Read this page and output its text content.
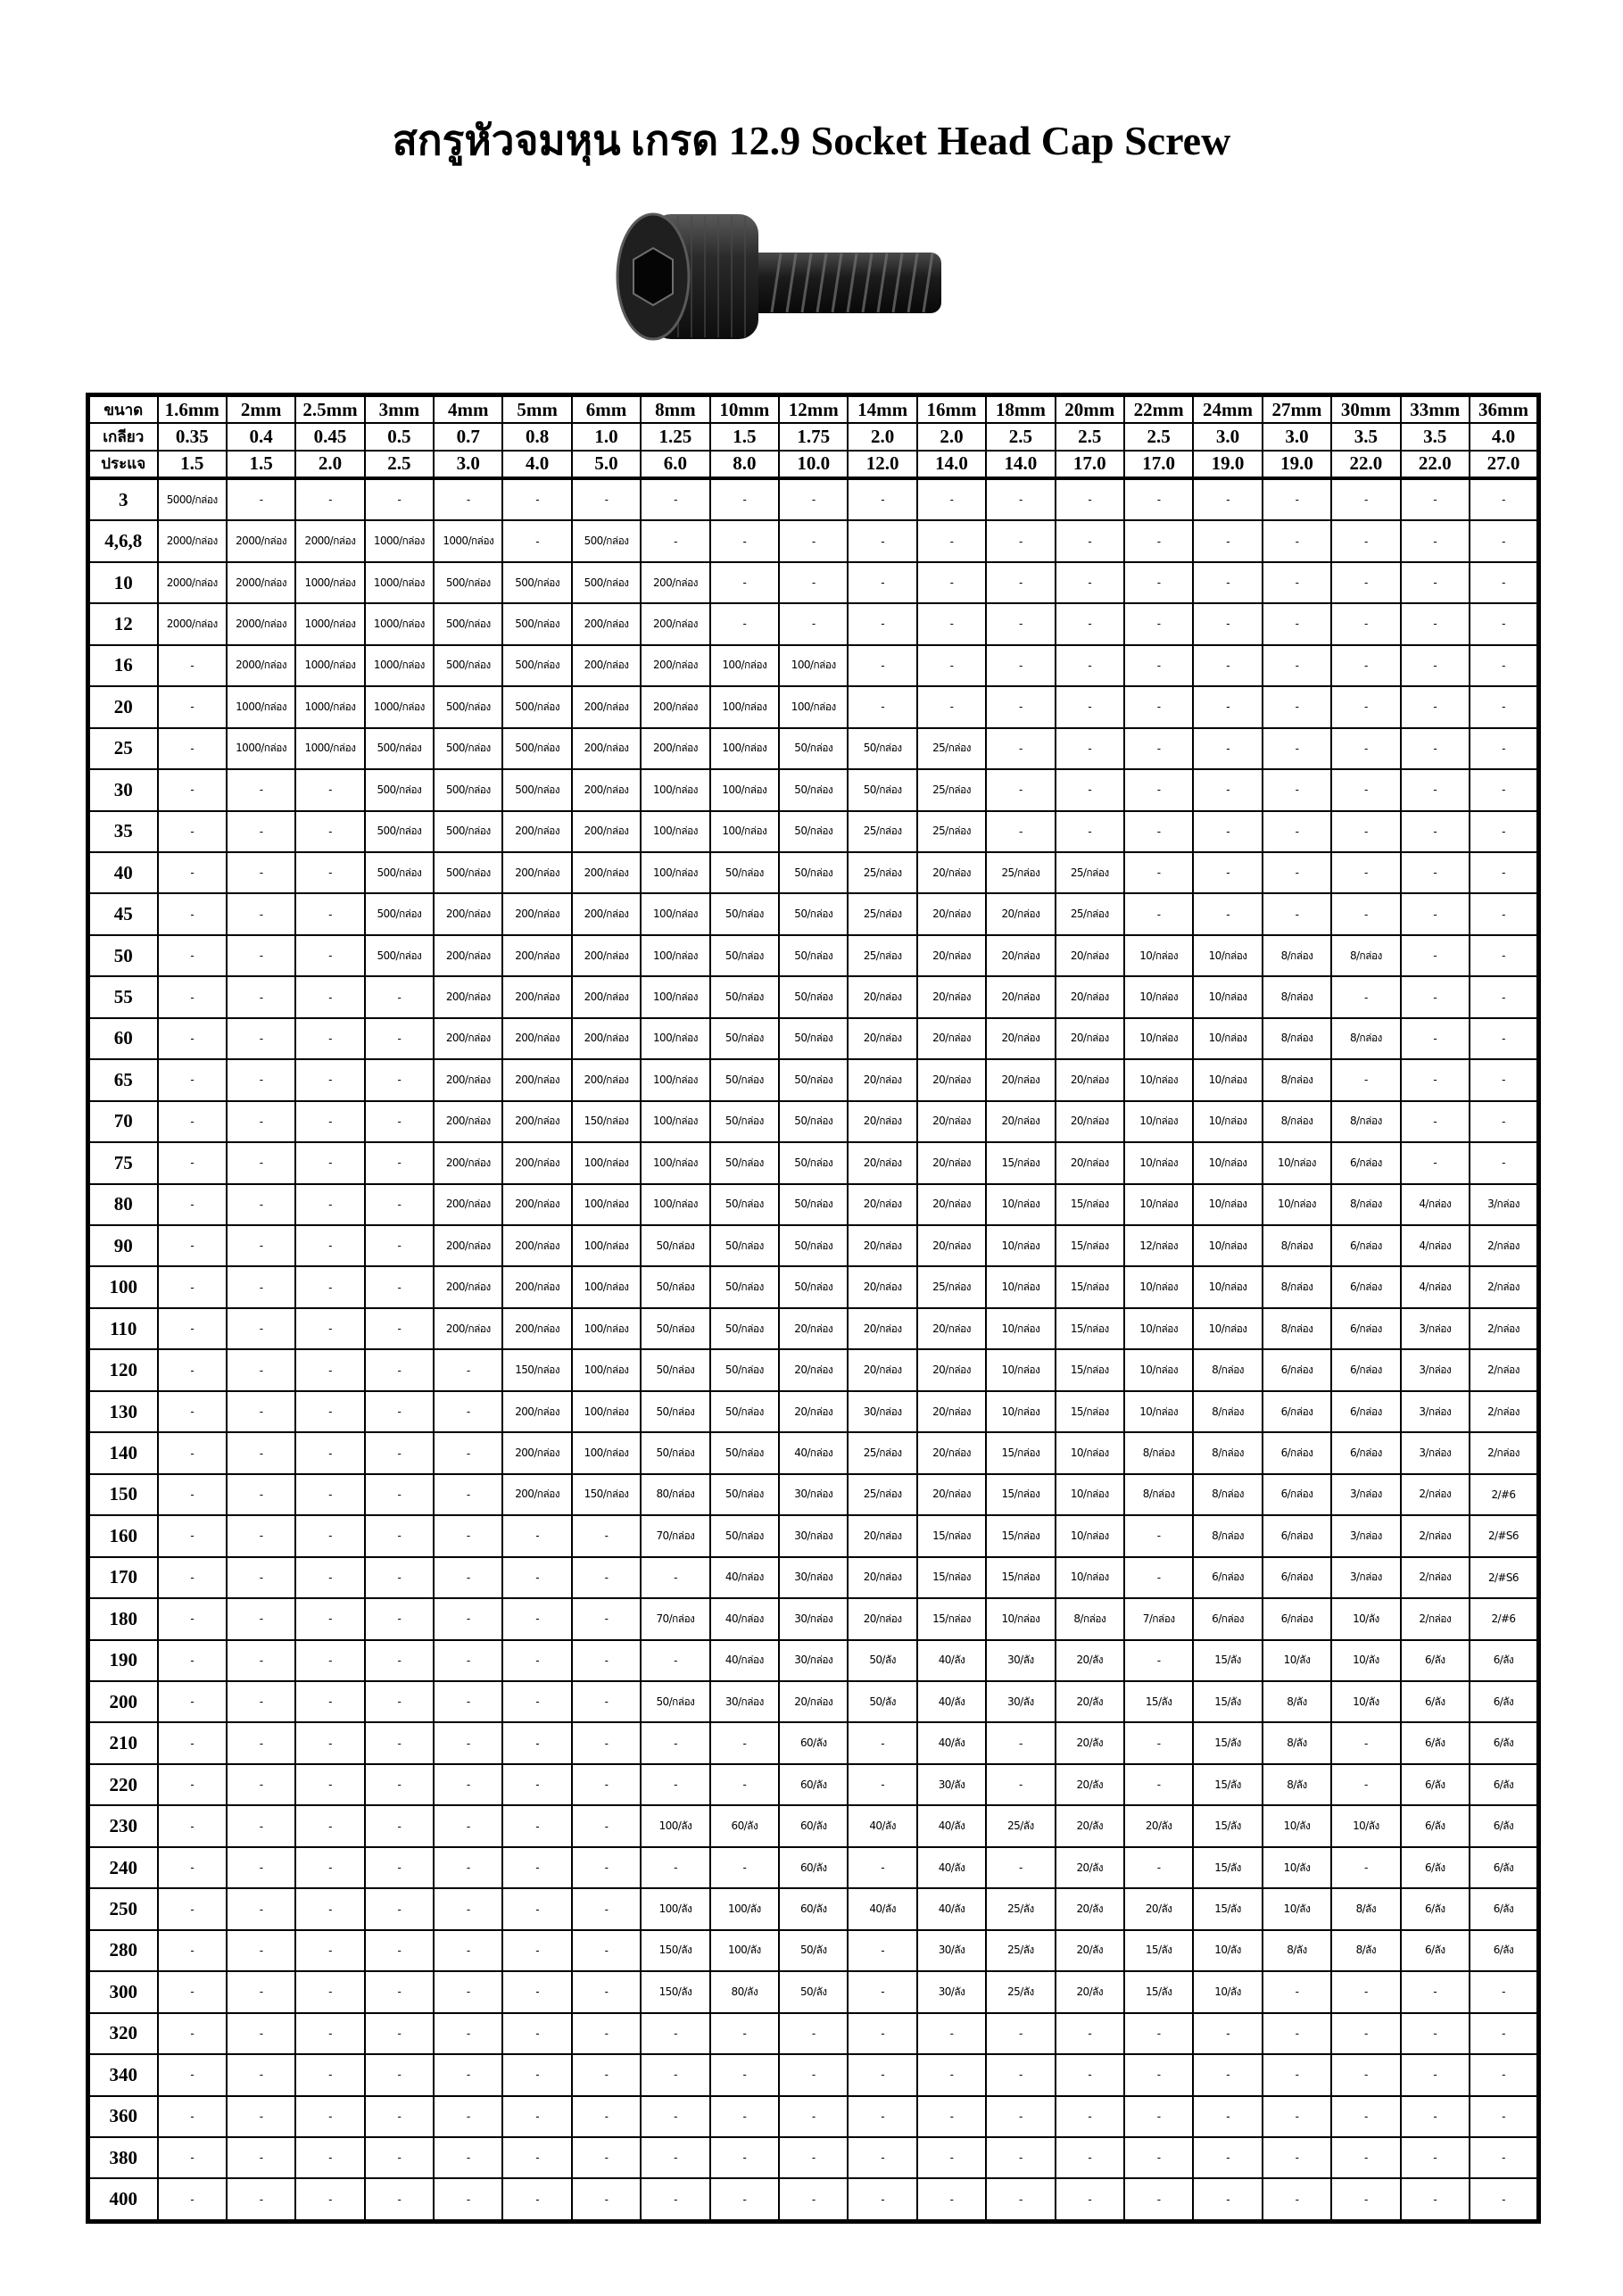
สกรูหัวจมหุน เกรด 12.9 Socket Head Cap Screw
ขนาด	1.6mm	2mm	2.5mm	3mm	4mm	5mm	6mm	8mm	10mm	12mm	14mm	16mm	18mm	20mm	22mm	24mm	27mm	30mm	33mm	36mm
เกลียว	0.35	0.4	0.45	0.5	0.7	0.8	1.0	1.25	1.5	1.75	2.0	2.0	2.5	2.5	2.5	3.0	3.0	3.5	3.5	4.0
ประแจ	1.5	1.5	2.0	2.5	3.0	4.0	5.0	6.0	8.0	10.0	12.0	14.0	14.0	17.0	17.0	19.0	19.0	22.0	22.0	27.0
3	5000/กล่อง	-	-	-	-	-	-	-	-	-	-	-	-	-	-	-	-	-	-	-
4,6,8	2000/กล่อง	2000/กล่อง	2000/กล่อง	1000/กล่อง	1000/กล่อง	-	500/กล่อง	-	-	-	-	-	-	-	-	-	-	-	-	-
10	2000/กล่อง	2000/กล่อง	1000/กล่อง	1000/กล่อง	500/กล่อง	500/กล่อง	500/กล่อง	200/กล่อง	-	-	-	-	-	-	-	-	-	-	-	-
12	2000/กล่อง	2000/กล่อง	1000/กล่อง	1000/กล่อง	500/กล่อง	500/กล่อง	200/กล่อง	200/กล่อง	-	-	-	-	-	-	-	-	-	-	-	-
16	-	2000/กล่อง	1000/กล่อง	1000/กล่อง	500/กล่อง	500/กล่อง	200/กล่อง	200/กล่อง	100/กล่อง	100/กล่อง	-	-	-	-	-	-	-	-	-	-
20	-	1000/กล่อง	1000/กล่อง	1000/กล่อง	500/กล่อง	500/กล่อง	200/กล่อง	200/กล่อง	100/กล่อง	100/กล่อง	-	-	-	-	-	-	-	-	-	-
25	-	1000/กล่อง	1000/กล่อง	500/กล่อง	500/กล่อง	500/กล่อง	200/กล่อง	200/กล่อง	100/กล่อง	50/กล่อง	50/กล่อง	25/กล่อง	-	-	-	-	-	-	-	-
30	-	-	-	500/กล่อง	500/กล่อง	500/กล่อง	200/กล่อง	100/กล่อง	100/กล่อง	50/กล่อง	50/กล่อง	25/กล่อง	-	-	-	-	-	-	-	-
35	-	-	-	500/กล่อง	500/กล่อง	200/กล่อง	200/กล่อง	100/กล่อง	100/กล่อง	50/กล่อง	25/กล่อง	25/กล่อง	-	-	-	-	-	-	-	-
40	-	-	-	500/กล่อง	500/กล่อง	200/กล่อง	200/กล่อง	100/กล่อง	50/กล่อง	50/กล่อง	25/กล่อง	20/กล่อง	25/กล่อง	25/กล่อง	-	-	-	-	-	-
45	-	-	-	500/กล่อง	200/กล่อง	200/กล่อง	200/กล่อง	100/กล่อง	50/กล่อง	50/กล่อง	25/กล่อง	20/กล่อง	20/กล่อง	25/กล่อง	-	-	-	-	-	-
50	-	-	-	500/กล่อง	200/กล่อง	200/กล่อง	200/กล่อง	100/กล่อง	50/กล่อง	50/กล่อง	25/กล่อง	20/กล่อง	20/กล่อง	20/กล่อง	10/กล่อง	10/กล่อง	8/กล่อง	8/กล่อง	-	-
55	-	-	-	-	200/กล่อง	200/กล่อง	200/กล่อง	100/กล่อง	50/กล่อง	50/กล่อง	20/กล่อง	20/กล่อง	20/กล่อง	20/กล่อง	10/กล่อง	10/กล่อง	8/กล่อง	-	-	-
60	-	-	-	-	200/กล่อง	200/กล่อง	200/กล่อง	100/กล่อง	50/กล่อง	50/กล่อง	20/กล่อง	20/กล่อง	20/กล่อง	20/กล่อง	10/กล่อง	10/กล่อง	8/กล่อง	8/กล่อง	-	-
65	-	-	-	-	200/กล่อง	200/กล่อง	200/กล่อง	100/กล่อง	50/กล่อง	50/กล่อง	20/กล่อง	20/กล่อง	20/กล่อง	20/กล่อง	10/กล่อง	10/กล่อง	8/กล่อง	-	-	-
70	-	-	-	-	200/กล่อง	200/กล่อง	150/กล่อง	100/กล่อง	50/กล่อง	50/กล่อง	20/กล่อง	20/กล่อง	20/กล่อง	20/กล่อง	10/กล่อง	10/กล่อง	8/กล่อง	8/กล่อง	-	-
75	-	-	-	-	200/กล่อง	200/กล่อง	100/กล่อง	100/กล่อง	50/กล่อง	50/กล่อง	20/กล่อง	20/กล่อง	15/กล่อง	20/กล่อง	10/กล่อง	10/กล่อง	10/กล่อง	6/กล่อง	-	-
80	-	-	-	-	200/กล่อง	200/กล่อง	100/กล่อง	100/กล่อง	50/กล่อง	50/กล่อง	20/กล่อง	20/กล่อง	10/กล่อง	15/กล่อง	10/กล่อง	10/กล่อง	10/กล่อง	8/กล่อง	4/กล่อง	3/กล่อง
90	-	-	-	-	200/กล่อง	200/กล่อง	100/กล่อง	50/กล่อง	50/กล่อง	50/กล่อง	20/กล่อง	20/กล่อง	10/กล่อง	15/กล่อง	12/กล่อง	10/กล่อง	8/กล่อง	6/กล่อง	4/กล่อง	2/กล่อง
100	-	-	-	-	200/กล่อง	200/กล่อง	100/กล่อง	50/กล่อง	50/กล่อง	50/กล่อง	20/กล่อง	25/กล่อง	10/กล่อง	15/กล่อง	10/กล่อง	10/กล่อง	8/กล่อง	6/กล่อง	4/กล่อง	2/กล่อง
110	-	-	-	-	200/กล่อง	200/กล่อง	100/กล่อง	50/กล่อง	50/กล่อง	20/กล่อง	20/กล่อง	20/กล่อง	10/กล่อง	15/กล่อง	10/กล่อง	10/กล่อง	8/กล่อง	6/กล่อง	3/กล่อง	2/กล่อง
120	-	-	-	-	-	150/กล่อง	100/กล่อง	50/กล่อง	50/กล่อง	20/กล่อง	20/กล่อง	20/กล่อง	10/กล่อง	15/กล่อง	10/กล่อง	8/กล่อง	6/กล่อง	6/กล่อง	3/กล่อง	2/กล่อง
130	-	-	-	-	-	200/กล่อง	100/กล่อง	50/กล่อง	50/กล่อง	20/กล่อง	30/กล่อง	20/กล่อง	10/กล่อง	15/กล่อง	10/กล่อง	8/กล่อง	6/กล่อง	6/กล่อง	3/กล่อง	2/กล่อง
140	-	-	-	-	-	200/กล่อง	100/กล่อง	50/กล่อง	50/กล่อง	40/กล่อง	25/กล่อง	20/กล่อง	15/กล่อง	10/กล่อง	8/กล่อง	8/กล่อง	6/กล่อง	6/กล่อง	3/กล่อง	2/กล่อง
150	-	-	-	-	-	200/กล่อง	150/กล่อง	80/กล่อง	50/กล่อง	30/กล่อง	25/กล่อง	20/กล่อง	15/กล่อง	10/กล่อง	8/กล่อง	8/กล่อง	6/กล่อง	3/กล่อง	2/กล่อง	2/#6
160	-	-	-	-	-	-	-	70/กล่อง	50/กล่อง	30/กล่อง	20/กล่อง	15/กล่อง	15/กล่อง	10/กล่อง	-	8/กล่อง	6/กล่อง	3/กล่อง	2/กล่อง	2/#S6
170	-	-	-	-	-	-	-	-	40/กล่อง	30/กล่อง	20/กล่อง	15/กล่อง	15/กล่อง	10/กล่อง	-	6/กล่อง	6/กล่อง	3/กล่อง	2/กล่อง	2/#S6
180	-	-	-	-	-	-	-	70/กล่อง	40/กล่อง	30/กล่อง	20/กล่อง	15/กล่อง	10/กล่อง	8/กล่อง	7/กล่อง	6/กล่อง	6/กล่อง	10/ลัง	2/กล่อง	2/#6
190	-	-	-	-	-	-	-	-	40/กล่อง	30/กล่อง	50/ลัง	40/ลัง	30/ลัง	20/ลัง	-	15/ลัง	10/ลัง	10/ลัง	6/ลัง	6/ลัง
200	-	-	-	-	-	-	-	50/กล่อง	30/กล่อง	20/กล่อง	50/ลัง	40/ลัง	30/ลัง	20/ลัง	15/ลัง	15/ลัง	8/ลัง	10/ลัง	6/ลัง	6/ลัง
210	-	-	-	-	-	-	-	-	-	60/ลัง	-	40/ลัง	-	20/ลัง	-	15/ลัง	8/ลัง	-	6/ลัง	6/ลัง
220	-	-	-	-	-	-	-	-	-	60/ลัง	-	30/ลัง	-	20/ลัง	-	15/ลัง	8/ลัง	-	6/ลัง	6/ลัง
230	-	-	-	-	-	-	-	100/ลัง	60/ลัง	60/ลัง	40/ลัง	40/ลัง	25/ลัง	20/ลัง	20/ลัง	15/ลัง	10/ลัง	10/ลัง	6/ลัง	6/ลัง
240	-	-	-	-	-	-	-	-	-	60/ลัง	-	40/ลัง	-	20/ลัง	-	15/ลัง	10/ลัง	-	6/ลัง	6/ลัง
250	-	-	-	-	-	-	-	100/ลัง	100/ลัง	60/ลัง	40/ลัง	40/ลัง	25/ลัง	20/ลัง	20/ลัง	15/ลัง	10/ลัง	8/ลัง	6/ลัง	6/ลัง
280	-	-	-	-	-	-	-	150/ลัง	100/ลัง	50/ลัง	-	30/ลัง	25/ลัง	20/ลัง	15/ลัง	10/ลัง	8/ลัง	8/ลัง	6/ลัง	6/ลัง
300	-	-	-	-	-	-	-	150/ลัง	80/ลัง	50/ลัง	-	30/ลัง	25/ลัง	20/ลัง	15/ลัง	10/ลัง	-	-	-	-
320	-	-	-	-	-	-	-	-	-	-	-	-	-	-	-	-	-	-	-	-
340	-	-	-	-	-	-	-	-	-	-	-	-	-	-	-	-	-	-	-	-
360	-	-	-	-	-	-	-	-	-	-	-	-	-	-	-	-	-	-	-	-
380	-	-	-	-	-	-	-	-	-	-	-	-	-	-	-	-	-	-	-	-
400	-	-	-	-	-	-	-	-	-	-	-	-	-	-	-	-	-	-	-	-
